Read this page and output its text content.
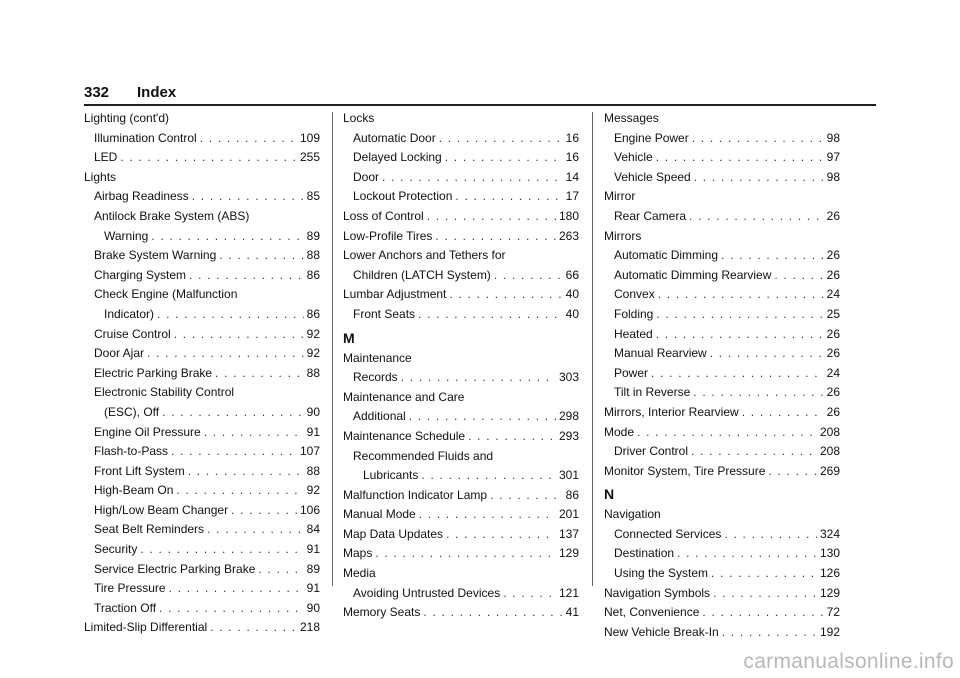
332 Index
Lighting (cont'd)
Illumination Control . . .	109
LED . . .	255
Lights
Airbag Readiness . . .	85
Antilock Brake System (ABS)
Warning . . .	89
Brake System Warning . . .	88
Charging System . . .	86
Check Engine (Malfunction
Indicator) . . .	86
Cruise Control . . .	92
Door Ajar . . .	92
Electric Parking Brake . . .	88
Electronic Stability Control
(ESC), Off . . .	90
Engine Oil Pressure . . .	91
Flash-to-Pass . . .	107
Front Lift System . . .	88
High-Beam On . . .	92
High/Low Beam Changer . . .	106
Seat Belt Reminders . . .	84
Security . . .	91
Service Electric Parking Brake . . .	89
Tire Pressure . . .	91
Traction Off . . .	90
Limited-Slip Differential . . .	218
Locks
Automatic Door . . .	16
Delayed Locking . . .	16
Door . . .	14
Lockout Protection . . .	17
Loss of Control . . .	180
Low-Profile Tires . . .	263
Lower Anchors and Tethers for
Children (LATCH System) . . .	66
Lumbar Adjustment . . .	40
Front Seats . . .	40
M
Maintenance
Records . . .	303
Maintenance and Care
Additional . . .	298
Maintenance Schedule . . .	293
Recommended Fluids and
Lubricants . . .	301
Malfunction Indicator Lamp . . .	86
Manual Mode . . .	201
Map Data Updates . . .	137
Maps . . .	129
Media
Avoiding Untrusted Devices . . .	121
Memory Seats . . .	41
Messages
Engine Power . . .	98
Vehicle . . .	97
Vehicle Speed . . .	98
Mirror
Rear Camera . . .	26
Mirrors
Automatic Dimming . . .	26
Automatic Dimming Rearview . . .	26
Convex . . .	24
Folding . . .	25
Heated . . .	26
Manual Rearview . . .	26
Power . . .	24
Tilt in Reverse . . .	26
Mirrors, Interior Rearview . . .	26
Mode . . .	208
Driver Control . . .	208
Monitor System, Tire Pressure . . .	269
N
Navigation
Connected Services . . .	324
Destination . . .	130
Using the System . . .	126
Navigation Symbols . . .	129
Net, Convenience . . .	72
New Vehicle Break-In . . .	192
carmanualsonline.info
